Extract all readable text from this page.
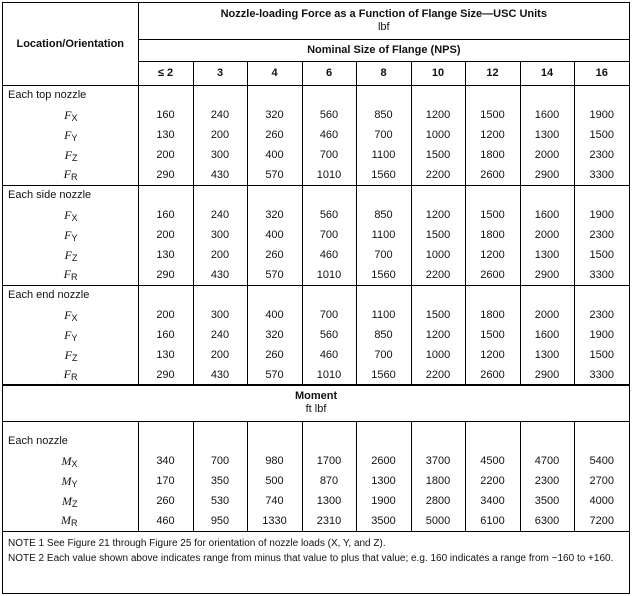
Location/Orientation	Nozzle-loading Force as a Function of Flange Size—USC Units
lbf								

	Nominal Size of Flange (NPS)								
	≤ 2	3	4	6	8	10	12	14	16
Each top nozzle									
$F_X$	160	240	320	560	850	1200	1500	1600	1900
$F_Y$	130	200	260	460	700	1000	1200	1300	1500
$F_Z$	200	300	400	700	1100	1500	1800	2000	2300
$F_R$	290	430	570	1010	1560	2200	2600	2900	3300
Each side nozzle									
$F_X$	160	240	320	560	850	1200	1500	1600	1900
$F_Y$	200	300	400	700	1100	1500	1800	2000	2300
$F_Z$	130	200	260	460	700	1000	1200	1300	1500
$F_R$	290	430	570	1010	1560	2200	2600	2900	3300
Each end nozzle									
$F_X$	200	300	400	700	1100	1500	1800	2000	2300
$F_Y$	160	240	320	560	850	1200	1500	1600	1900
$F_Z$	130	200	260	460	700	1000	1200	1300	1500
$F_R$	290	430	570	1010	1560	2200	2600	2900	3300

Moment
ft lbf									

Each nozzle									
$M_X$	340	700	980	1700	2600	3700	4500	4700	5400
$M_Y$	170	350	500	870	1300	1800	2200	2300	2700
$M_Z$	260	530	740	1300	1900	2800	3400	3500	4000
$M_R$	460	950	1330	2310	3500	5000	6100	6300	7200
NOTE 1 See Figure 21 through Figure 25 for orientation of nozzle loads (X, Y, and Z).
NOTE 2 Each value shown above indicates range from minus that value to plus that value; e.g. 160 indicates a range from −160 to +160.
